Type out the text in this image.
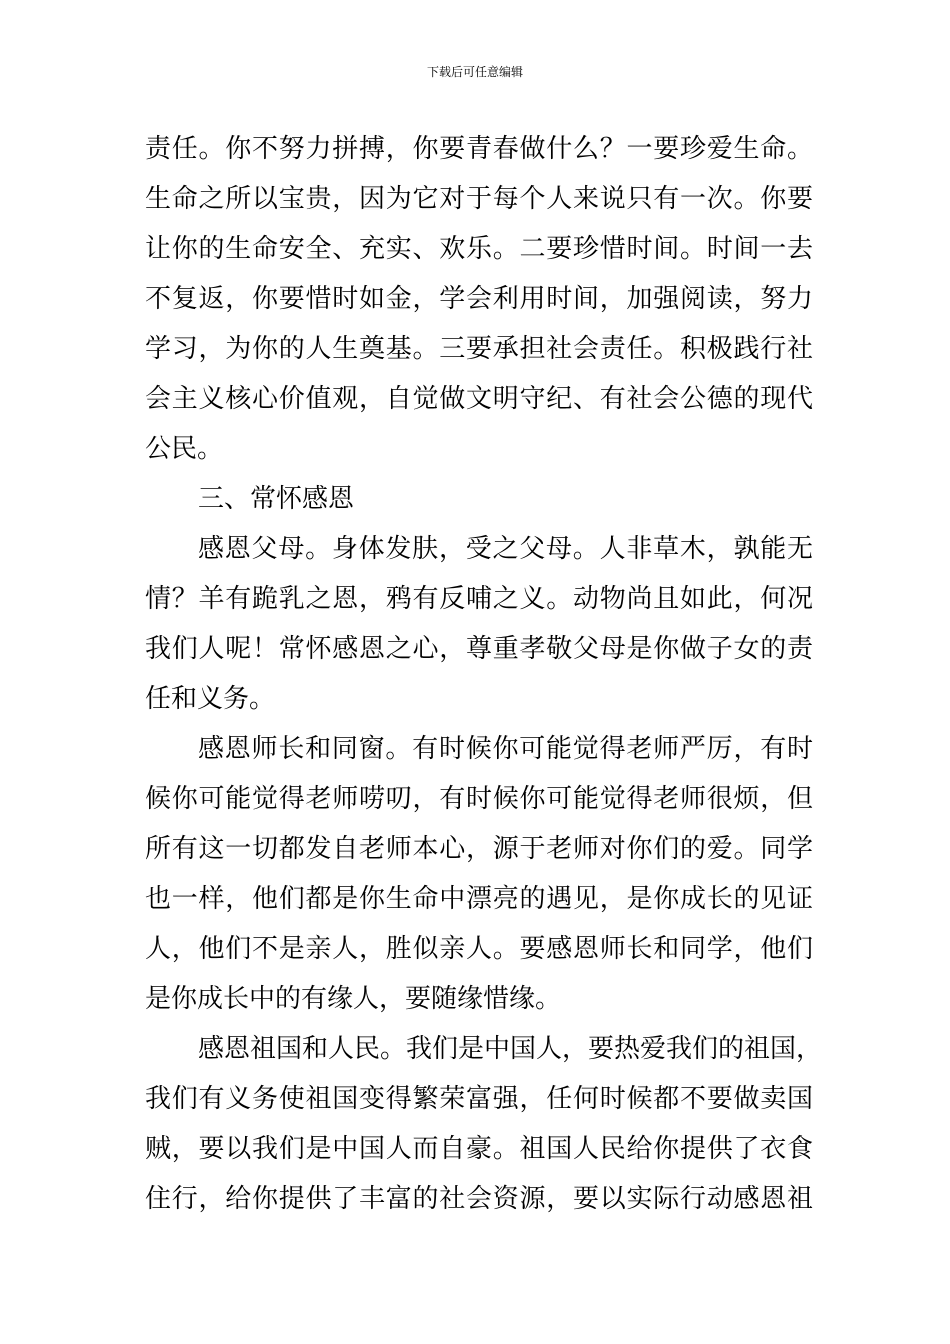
下载后可任意编辑
责任。你不努力拼搏，你要青春做什么？一要珍爱生命。
生命之所以宝贵，因为它对于每个人来说只有一次。你要
让你的生命安全、充实、欢乐。二要珍惜时间。时间一去
不复返，你要惜时如金，学会利用时间，加强阅读，努力
学习，为你的人生奠基。三要承担社会责任。积极践行社
会主义核心价值观，自觉做文明守纪、有社会公德的现代
公民。
三、常怀感恩
感恩父母。身体发肤，受之父母。人非草木，孰能无
情？羊有跪乳之恩，鸦有反哺之义。动物尚且如此，何况
我们人呢！常怀感恩之心，尊重孝敬父母是你做子女的责
任和义务。
感恩师长和同窗。有时候你可能觉得老师严厉，有时
候你可能觉得老师唠叨，有时候你可能觉得老师很烦，但
所有这一切都发自老师本心，源于老师对你们的爱。同学
也一样，他们都是你生命中漂亮的遇见，是你成长的见证
人，他们不是亲人，胜似亲人。要感恩师长和同学，他们
是你成长中的有缘人，要随缘惜缘。
感恩祖国和人民。我们是中国人，要热爱我们的祖国，
我们有义务使祖国变得繁荣富强，任何时候都不要做卖国
贼，要以我们是中国人而自豪。祖国人民给你提供了衣食
住行，给你提供了丰富的社会资源，要以实际行动感恩祖
